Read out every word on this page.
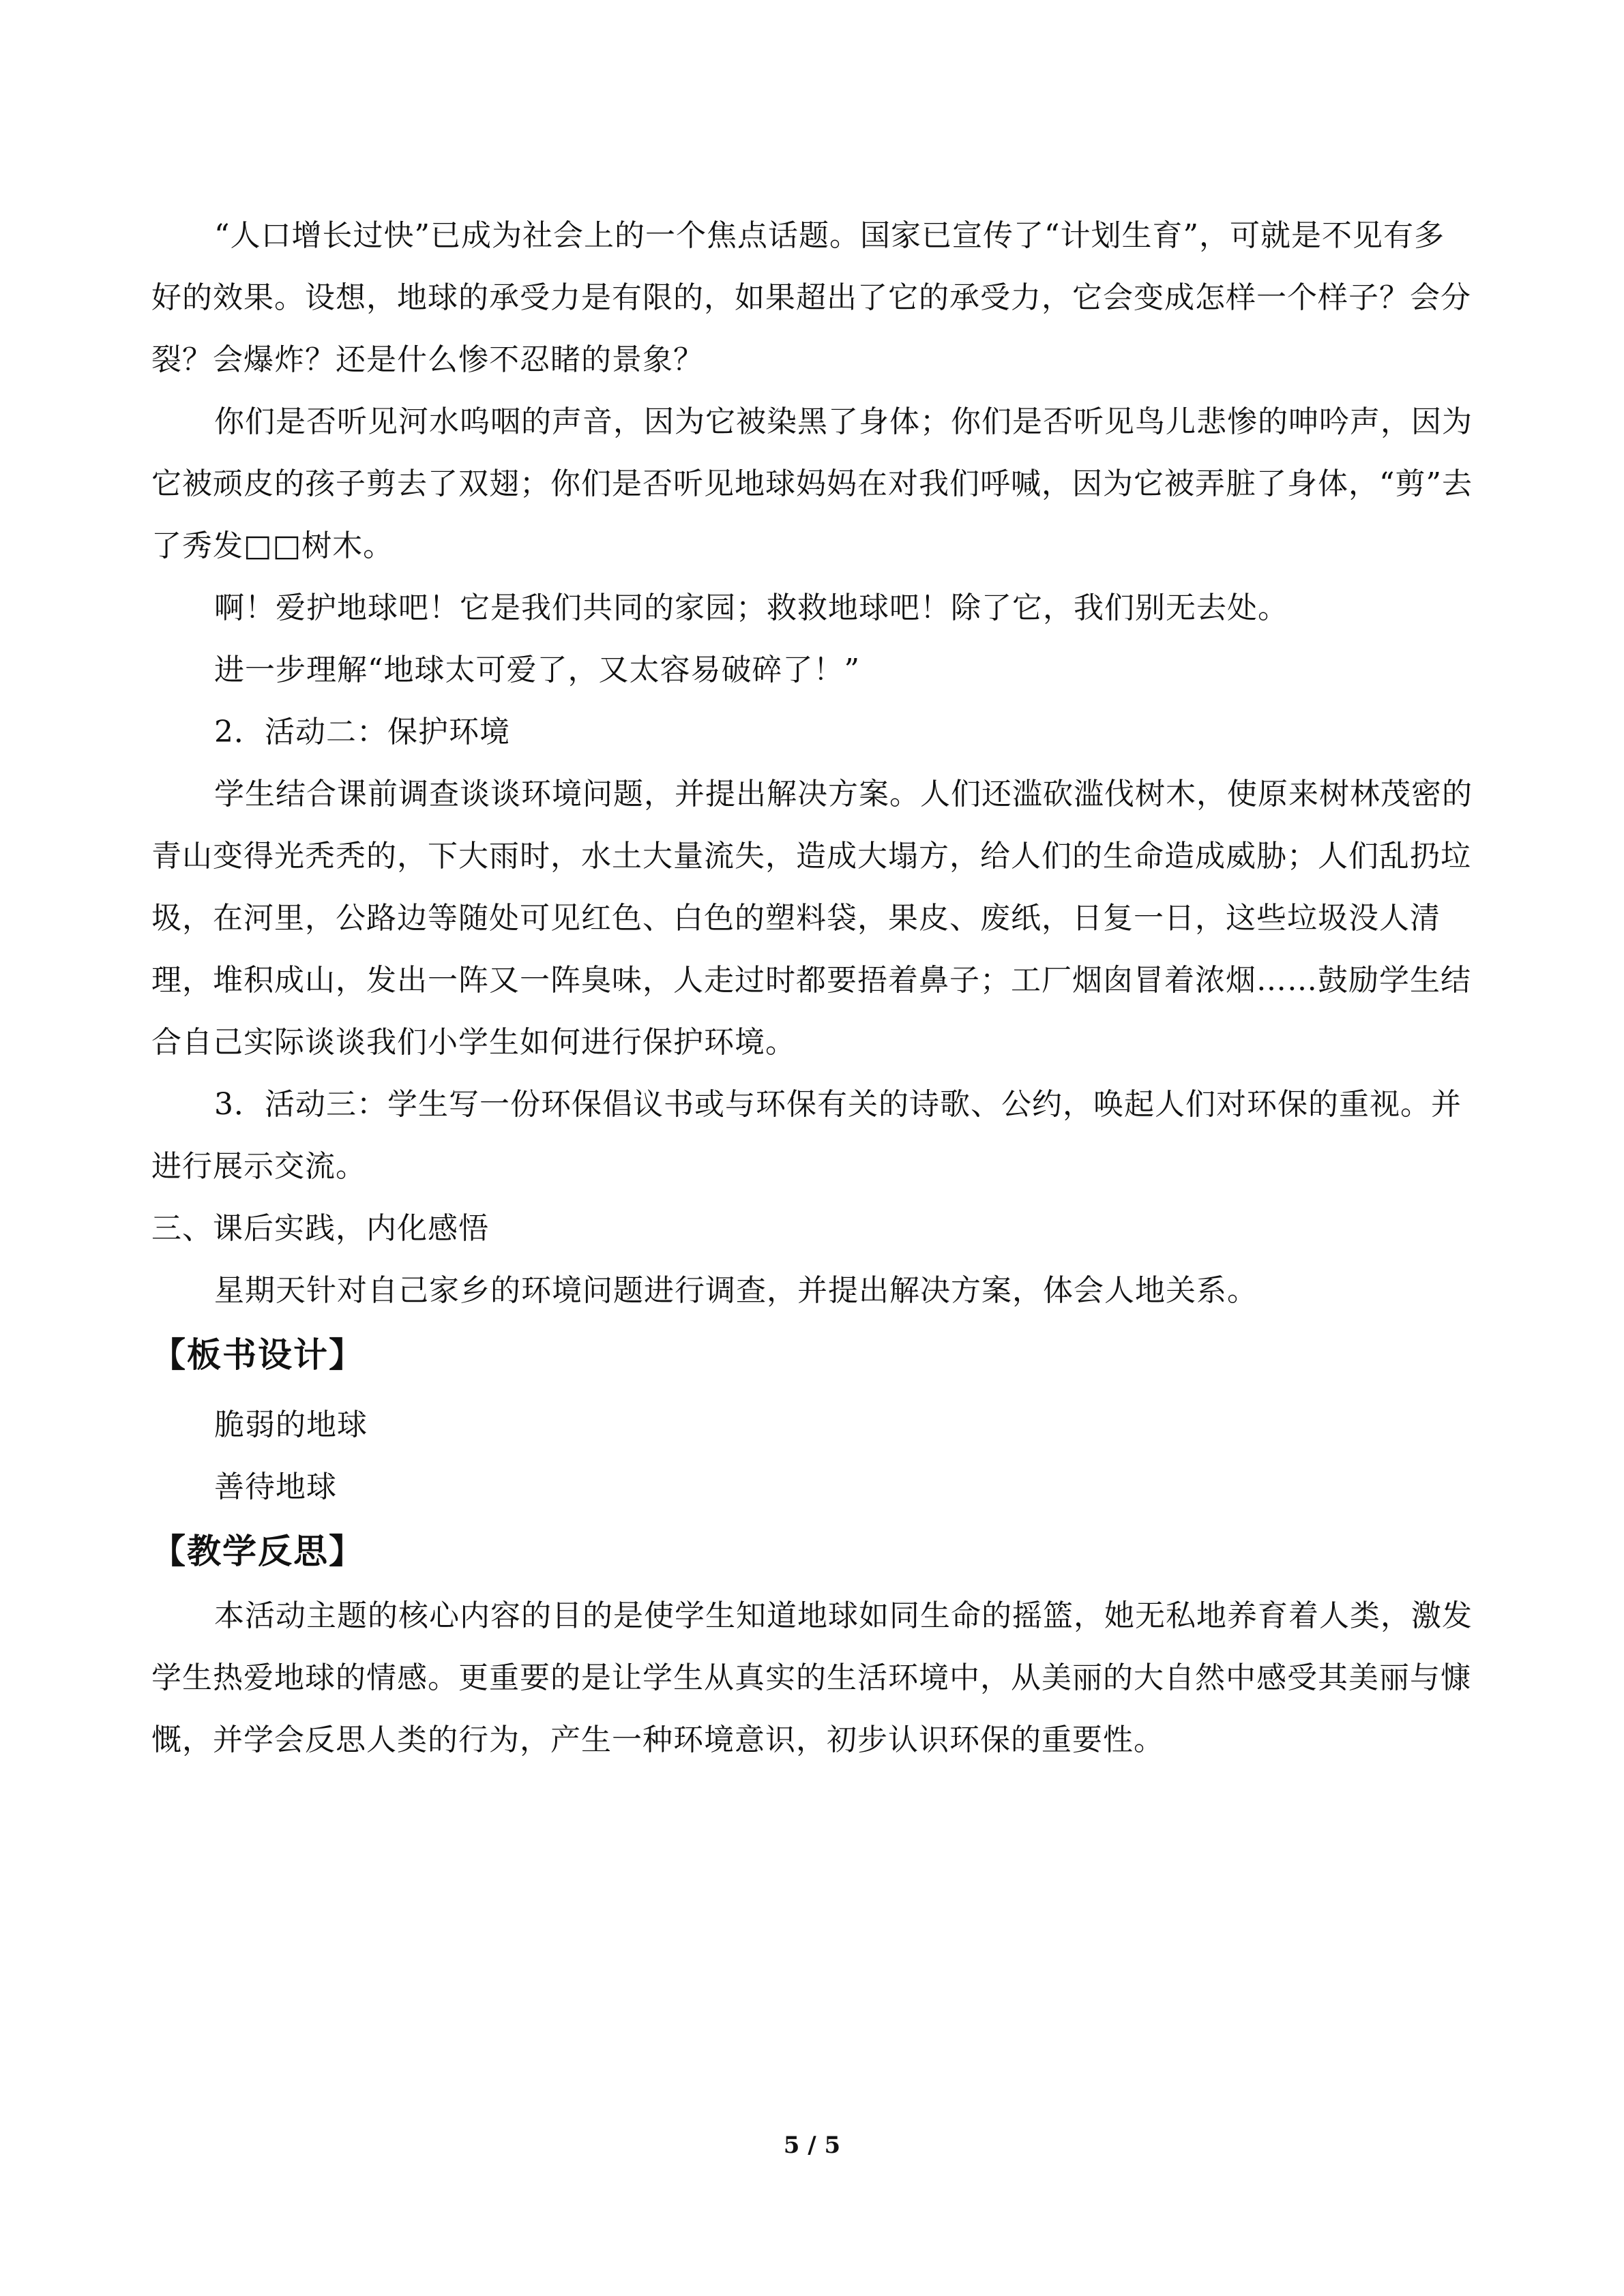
“人口增长过快”已成为社会上的一个焦点话题。国家已宣传了“计划生育”，可就是不见有多好的效果。设想，地球的承受力是有限的，如果超出了它的承受力，它会变成怎样一个样子？会分裂？会爆炸？还是什么惨不忍睹的景象？

你们是否听见河水呜咽的声音，因为它被染黑了身体；你们是否听见鸟儿悲惨的呻吟声，因为它被顽皮的孩子剪去了双翅；你们是否听见地球妈妈在对我们呼喊，因为它被弄脏了身体，“剪”去了秀发□□树木。

啊！爱护地球吧！它是我们共同的家园；救救地球吧！除了它，我们别无去处。

进一步理解“地球太可爱了，又太容易破碎了！”

2．活动二：保护环境

学生结合课前调查谈谈环境问题，并提出解决方案。人们还滥砍滥伐树木，使原来树林茂密的青山变得光秃秃的，下大雨时，水土大量流失，造成大塌方，给人们的生命造成威胁；人们乱扔垃圾，在河里，公路边等随处可见红色、白色的塑料袋，果皮、废纸，日复一日，这些垃圾没人清理，堆积成山，发出一阵又一阵臭味，人走过时都要捂着鼻子；工厂烟囱冒着浓烟……鼓励学生结合自己实际谈谈我们小学生如何进行保护环境。

3．活动三：学生写一份环保倡议书或与环保有关的诗歌、公约，唤起人们对环保的重视。并进行展示交流。

三、课后实践，内化感悟

星期天针对自己家乡的环境问题进行调查，并提出解决方案，体会人地关系。

【板书设计】

脆弱的地球

善待地球

【教学反思】

本活动主题的核心内容的目的是使学生知道地球如同生命的摇篮，她无私地养育着人类，激发学生热爱地球的情感。更重要的是让学生从真实的生活环境中，从美丽的大自然中感受其美丽与慷慨，并学会反思人类的行为，产生一种环境意识，初步认识环保的重要性。

5 / 5
